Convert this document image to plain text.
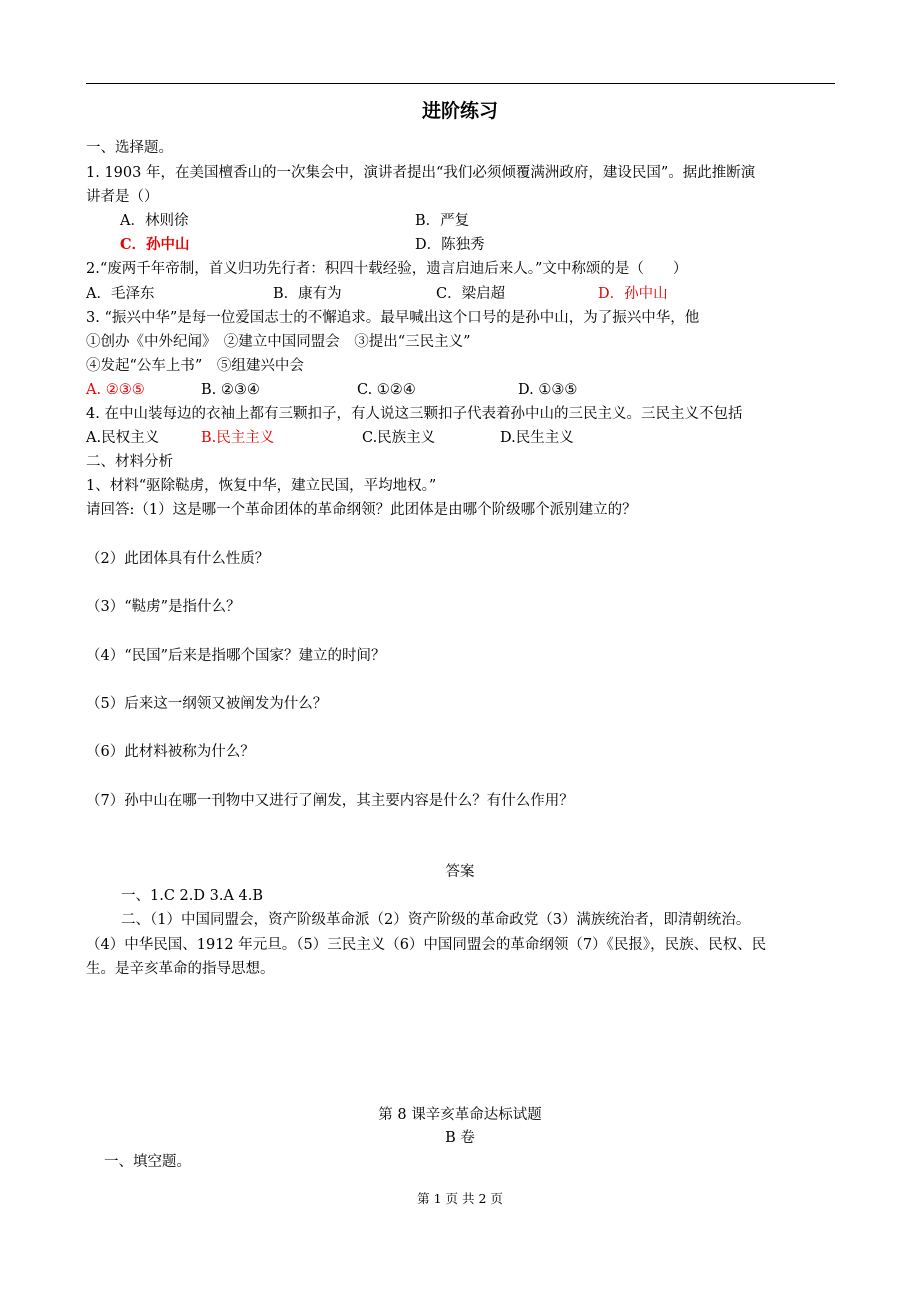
进阶练习
一、选择题。
1. 1903 年，在美国檀香山的一次集会中，演讲者提出“我们必须倾覆满洲政府，建设民国”。据此推断演
讲者是（）
A．林则徐	B．严复
C．孙中山	D．陈独秀
2.“废两千年帝制，首义归功先行者：积四十载经验，遗言启迪后来人。”文中称颂的是（　　）
A．毛泽东	B．康有为	C．梁启超	D．孙中山
3. “振兴中华”是每一位爱国志士的不懈追求。最早喊出这个口号的是孙中山，为了振兴中华，他
①创办《中外纪闻》　②建立中国同盟会　③提出“三民主义”
④发起“公车上书”　⑤组建兴中会
A. ②③⑤	B. ②③④	C. ①②④	D. ①③⑤
4. 在中山装每边的衣袖上都有三颗扣子，有人说这三颗扣子代表着孙中山的三民主义。三民主义不包括
A.民权主义	B.民主主义	C.民族主义	D.民生主义
二、材料分析
1、材料“驱除鞑虏，恢复中华，建立民国，平均地权。”
请回答:（1）这是哪一个革命团体的革命纲领？此团体是由哪个阶级哪个派别建立的？
（2）此团体具有什么性质？
（3）“鞑虏”是指什么？
（4）“民国”后来是指哪个国家？建立的时间？
（5）后来这一纲领又被阐发为什么？
（6）此材料被称为什么？
（7）孙中山在哪一刊物中又进行了阐发，其主要内容是什么？有什么作用？
答案
一、1.C 2.D 3.A 4.B
二、（1）中国同盟会，资产阶级革命派（2）资产阶级的革命政党（3）满族统治者，即清朝统治。
（4）中华民国、1912 年元旦。（5）三民主义（6）中国同盟会的革命纲领（7）《民报》，民族、民权、民
生。是辛亥革命的指导思想。
第 8 课辛亥革命达标试题
B 卷
一、填空题。
第 1 页 共 2 页
